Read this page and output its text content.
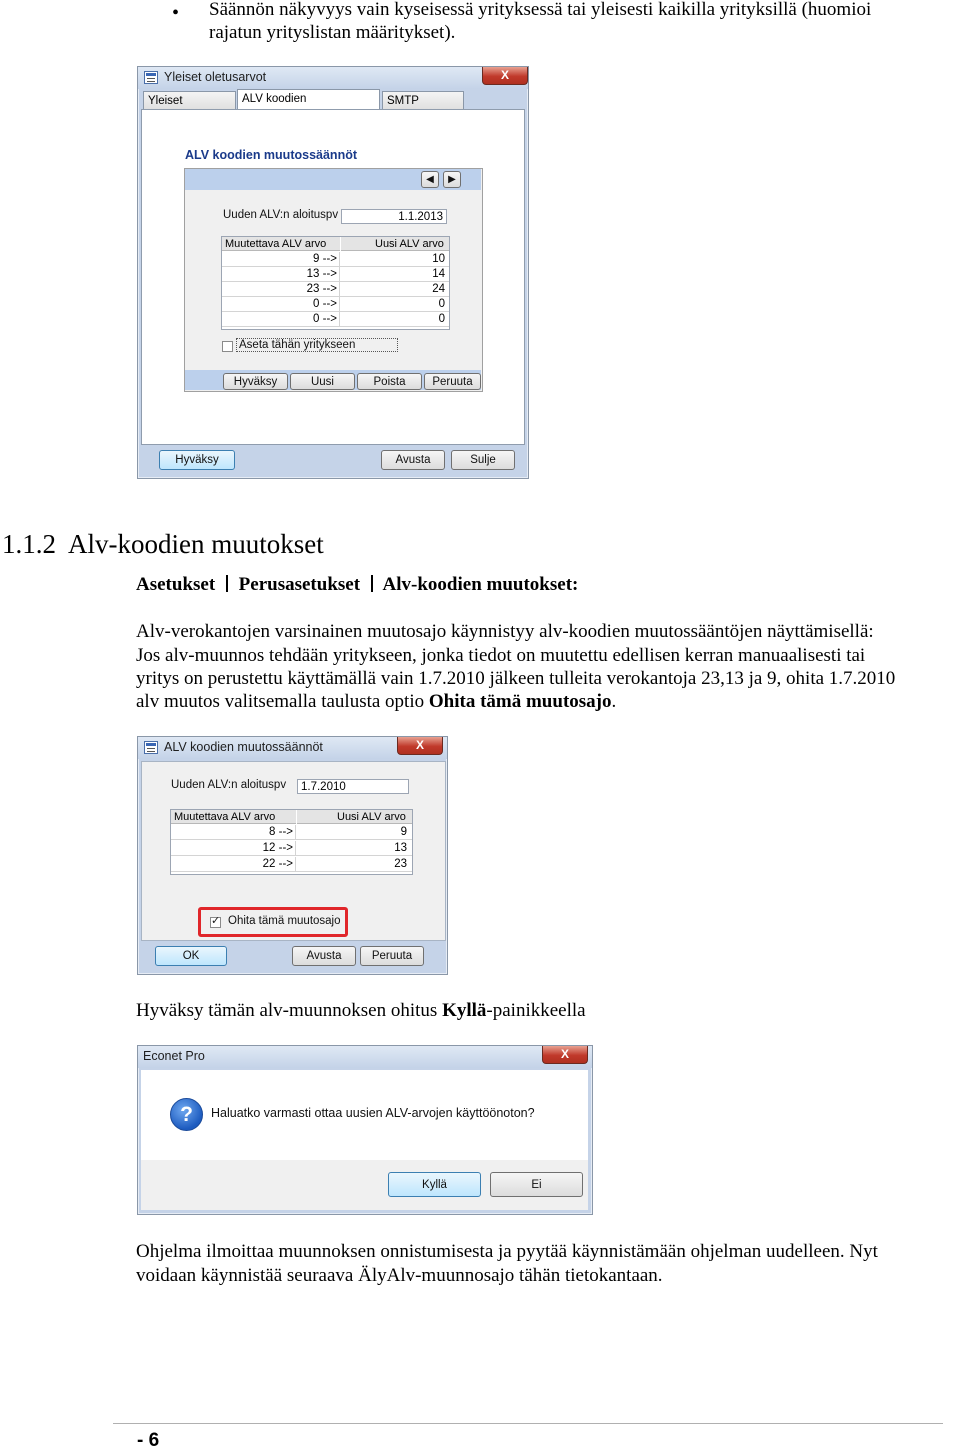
• Säännön näkyvyys vain kyseisessä yrityksessä tai yleisesti kaikilla yrityksillä (huomioi
rajatun yrityslistan määritykset).
Yleiset oletusarvot	X
Yleiset	ALV koodien	SMTP
ALV koodien muutossäännöt
◀	▶
Uuden ALV:n aloituspv	1.1.2013
Muutettava ALV arvo	Uusi ALV arvo
9 -->	10
13 -->	14
23 -->	24
0 -->	0
0 -->	0
Aseta tähän yritykseen
Hyväksy	Uusi	Poista	Peruuta
Hyväksy	Avusta	Sulje
1.1.2  Alv-koodien muutokset
Asetukset Perusasetukset Alv-koodien muutokset:
Alv-verokantojen varsinainen muutosajo käynnistyy alv-koodien muutossääntöjen näyttämisellä:
Jos alv-muunnos tehdään yritykseen, jonka tiedot on muutettu edellisen kerran manuaalisesti tai
yritys on perustettu käyttämällä vain 1.7.2010 jälkeen tulleita verokantoja 23,13 ja 9, ohita 1.7.2010
alv muutos valitsemalla taulusta optio Ohita tämä muutosajo.
ALV koodien muutossäännöt	X
Uuden ALV:n aloituspv	1.7.2010
Muutettava ALV arvo	Uusi ALV arvo
8 -->	9
12 -->	13
22 -->	23
✓ Ohita tämä muutosajo
OK	Avusta	Peruuta
Hyväksy tämän alv-muunnoksen ohitus Kyllä-painikkeella
Econet Pro	X
?	Haluatko varmasti ottaa uusien ALV-arvojen käyttöönoton?
Kyllä	Ei
Ohjelma ilmoittaa muunnoksen onnistumisesta ja pyytää käynnistämään ohjelman uudelleen. Nyt
voidaan käynnistää seuraava ÄlyAlv-muunnosajo tähän tietokantaan.
- 6
